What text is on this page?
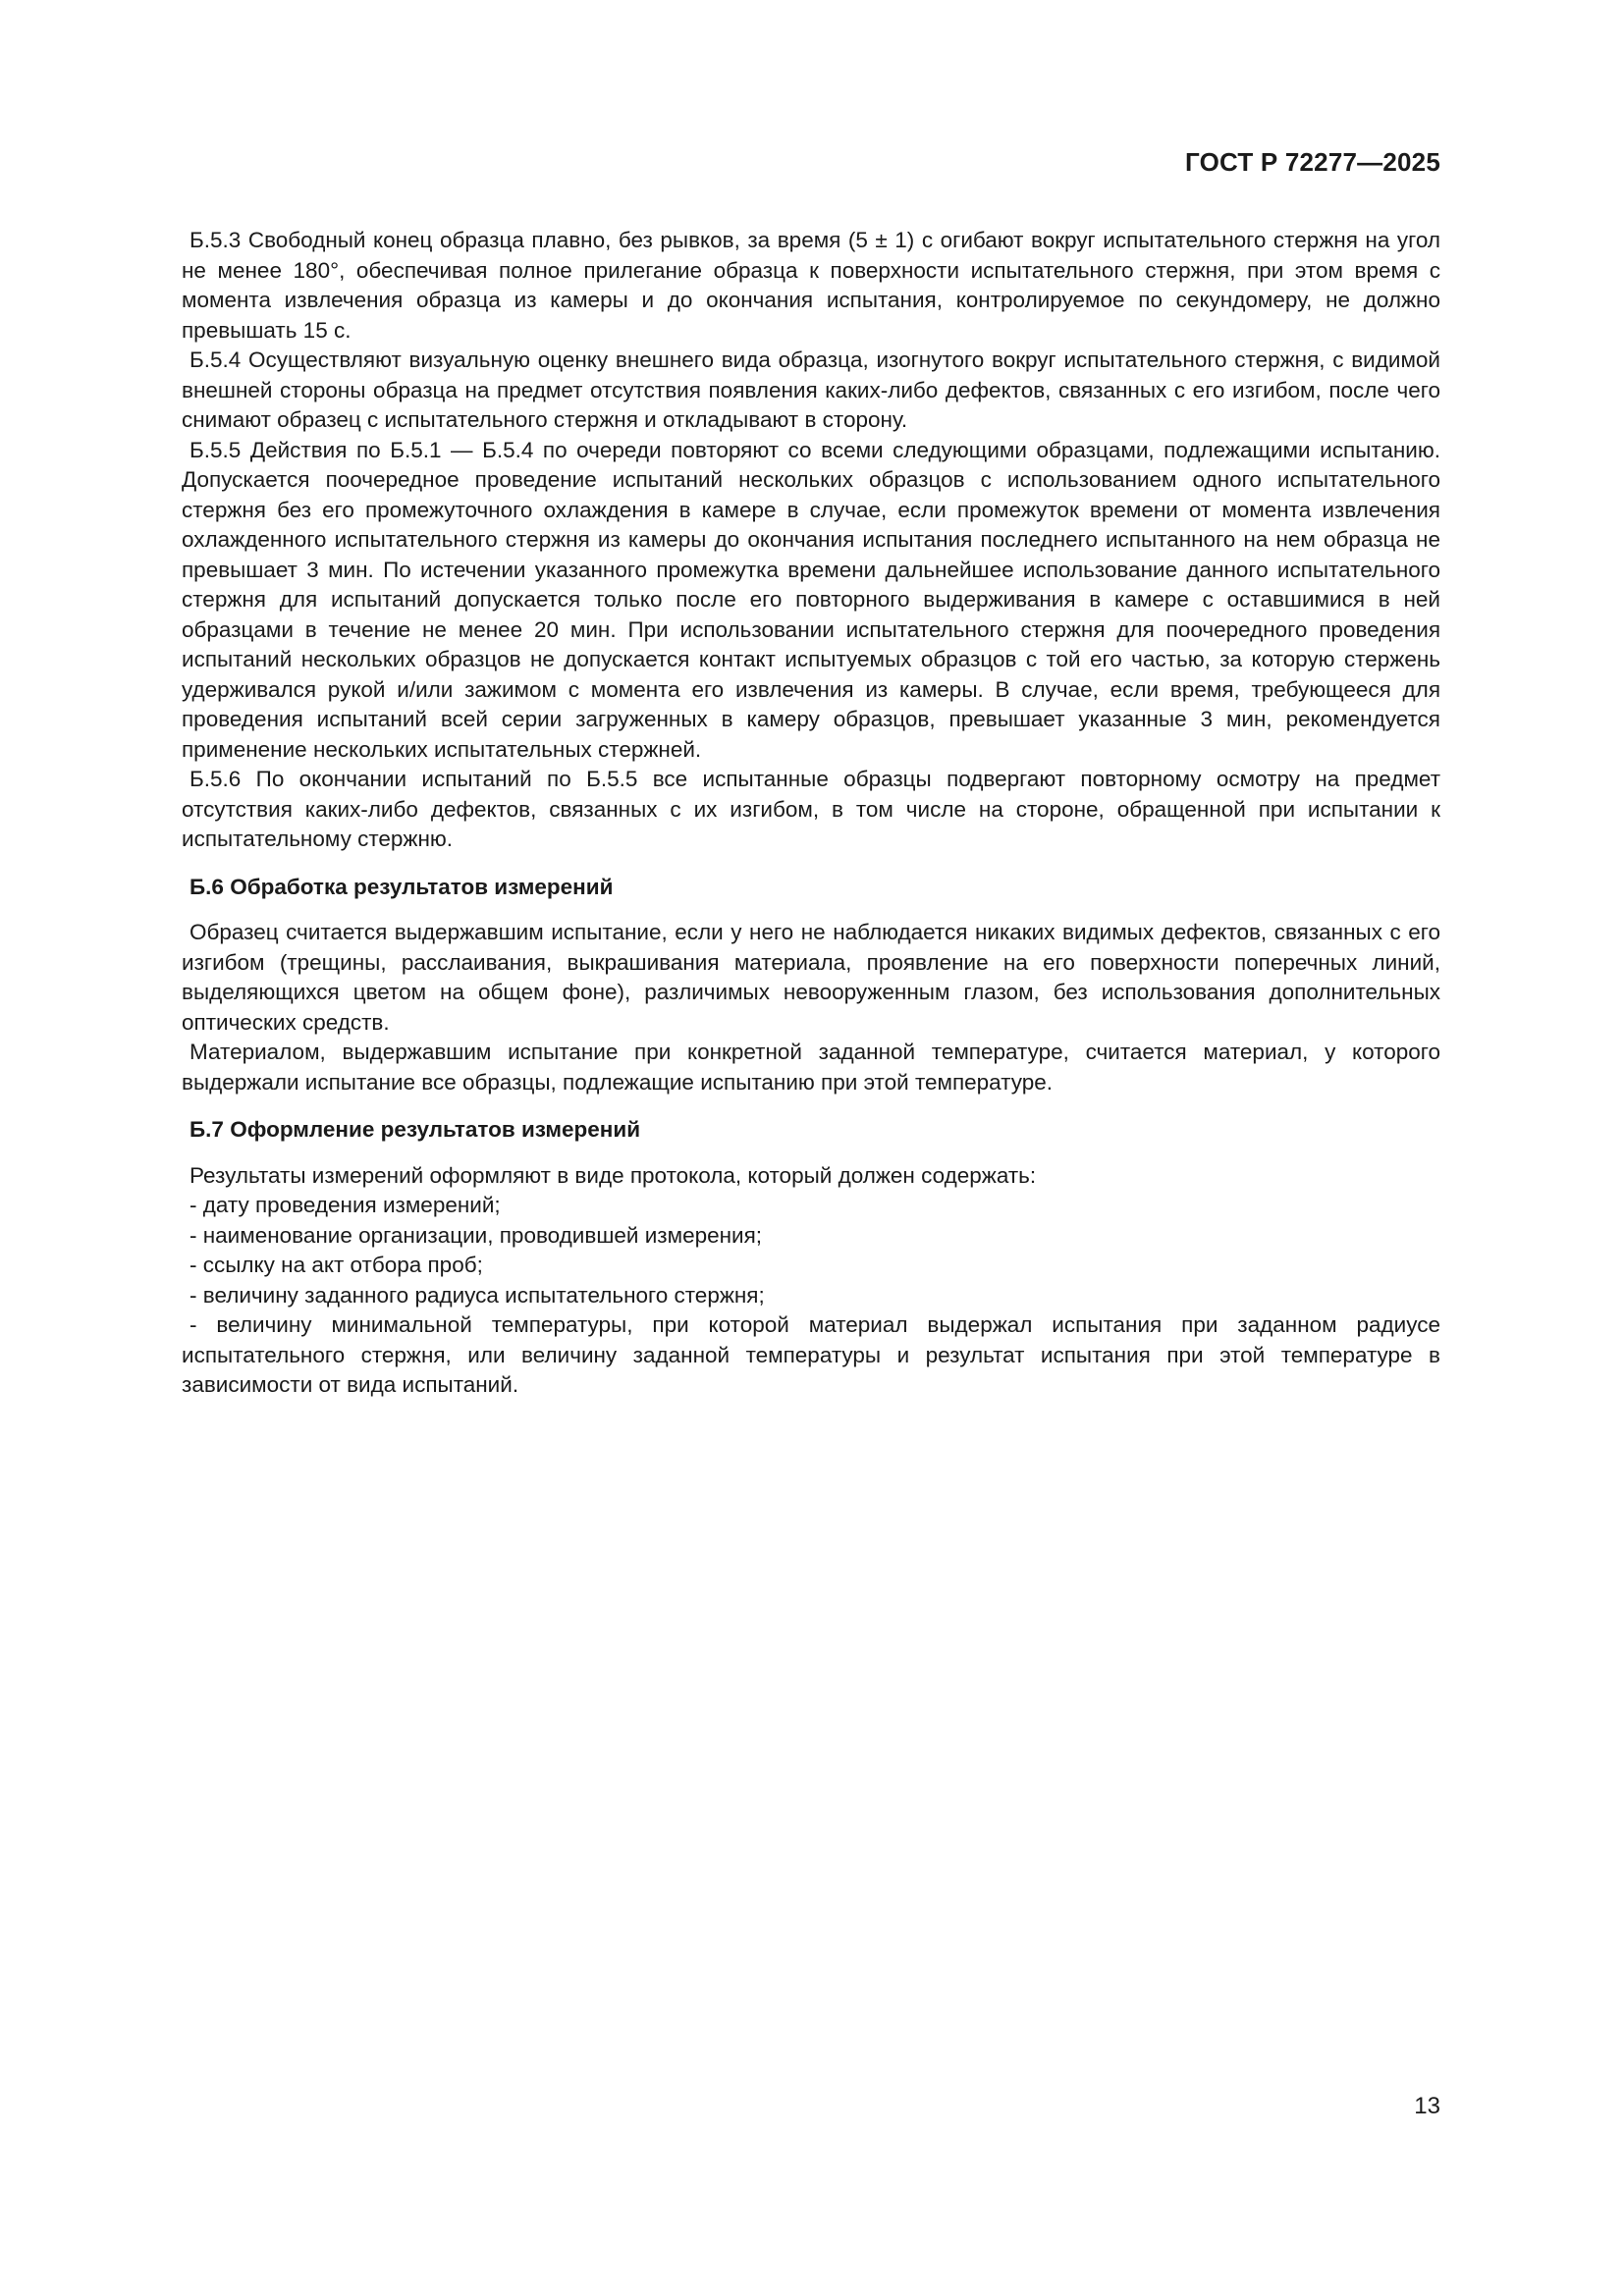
ГОСТ Р 72277—2025

Б.5.3 Свободный конец образца плавно, без рывков, за время (5 ± 1) с огибают вокруг испытательного стержня на угол не менее 180°, обеспечивая полное прилегание образца к поверхности испытательного стержня, при этом время с момента извлечения образца из камеры и до окончания испытания, контролируемое по секундомеру, не должно превышать 15 с.

Б.5.4 Осуществляют визуальную оценку внешнего вида образца, изогнутого вокруг испытательного стержня, с видимой внешней стороны образца на предмет отсутствия появления каких-либо дефектов, связанных с его изгибом, после чего снимают образец с испытательного стержня и откладывают в сторону.

Б.5.5 Действия по Б.5.1 — Б.5.4 по очереди повторяют со всеми следующими образцами, подлежащими испытанию. Допускается поочередное проведение испытаний нескольких образцов с использованием одного испытательного стержня без его промежуточного охлаждения в камере в случае, если промежуток времени от момента извлечения охлажденного испытательного стержня из камеры до окончания испытания последнего испытанного на нем образца не превышает 3 мин. По истечении указанного промежутка времени дальнейшее использование данного испытательного стержня для испытаний допускается только после его повторного выдерживания в камере с оставшимися в ней образцами в течение не менее 20 мин. При использовании испытательного стержня для поочередного проведения испытаний нескольких образцов не допускается контакт испытуемых образцов с той его частью, за которую стержень удерживался рукой и/или зажимом с момента его извлечения из камеры. В случае, если время, требующееся для проведения испытаний всей серии загруженных в камеру образцов, превышает указанные 3 мин, рекомендуется применение нескольких испытательных стержней.

Б.5.6 По окончании испытаний по Б.5.5 все испытанные образцы подвергают повторному осмотру на предмет отсутствия каких-либо дефектов, связанных с их изгибом, в том числе на стороне, обращенной при испытании к испытательному стержню.

Б.6 Обработка результатов измерений

Образец считается выдержавшим испытание, если у него не наблюдается никаких видимых дефектов, связанных с его изгибом (трещины, расслаивания, выкрашивания материала, проявление на его поверхности поперечных линий, выделяющихся цветом на общем фоне), различимых невооруженным глазом, без использования дополнительных оптических средств.

Материалом, выдержавшим испытание при конкретной заданной температуре, считается материал, у которого выдержали испытание все образцы, подлежащие испытанию при этой температуре.

Б.7 Оформление результатов измерений

Результаты измерений оформляют в виде протокола, который должен содержать:

- дату проведения измерений;

- наименование организации, проводившей измерения;

- ссылку на акт отбора проб;

- величину заданного радиуса испытательного стержня;

- величину минимальной температуры, при которой материал выдержал испытания при заданном радиусе испытательного стержня, или величину заданной температуры и результат испытания при этой температуре в зависимости от вида испытаний.

13
